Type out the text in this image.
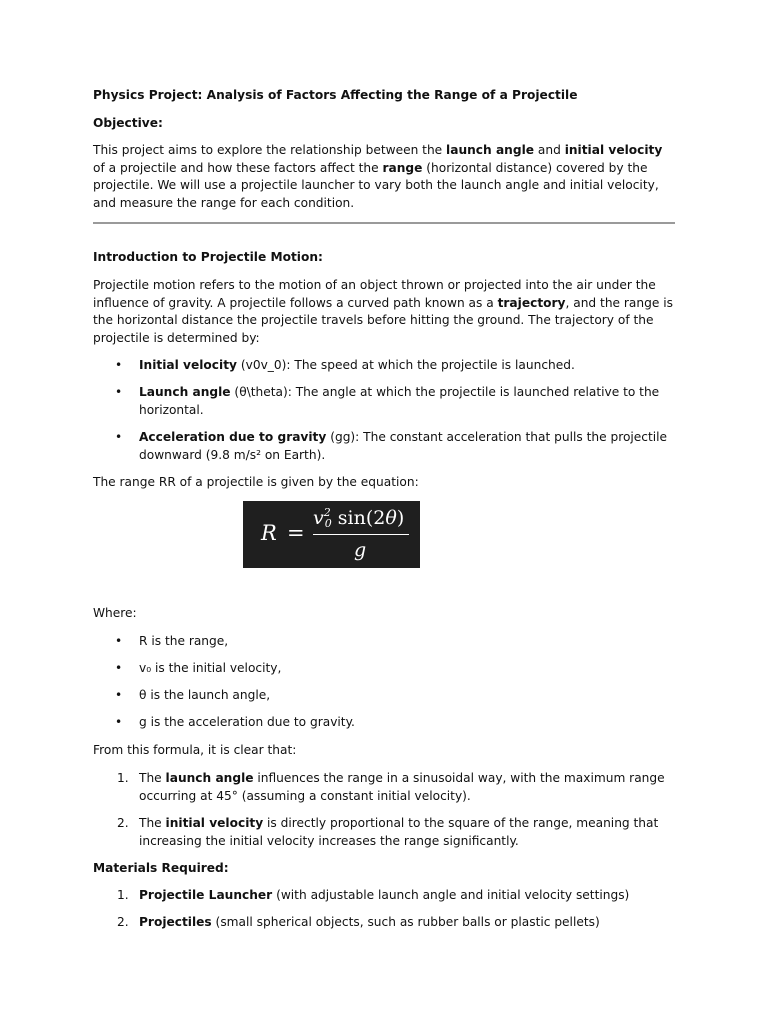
Physics Project: Analysis of Factors Affecting the Range of a Projectile

Objective:

This project aims to explore the relationship between the launch angle and initial velocity of a projectile and how these factors affect the range (horizontal distance) covered by the projectile. We will use a projectile launcher to vary both the launch angle and initial velocity, and measure the range for each condition.

Introduction to Projectile Motion:

Projectile motion refers to the motion of an object thrown or projected into the air under the influence of gravity. A projectile follows a curved path known as a trajectory, and the range is the horizontal distance the projectile travels before hitting the ground. The trajectory of the projectile is determined by:

• Initial velocity (v0v_0): The speed at which the projectile is launched.
• Launch angle (θ\theta): The angle at which the projectile is launched relative to the horizontal.
• Acceleration due to gravity (gg): The constant acceleration that pulls the projectile downward (9.8 m/s² on Earth).

The range RR of a projectile is given by the equation:

R =
$v^20$ sin(2θ)
g

Where:

• R is the range,
• v₀ is the initial velocity,
• θ is the launch angle,
• g is the acceleration due to gravity.

From this formula, it is clear that:

1. The launch angle influences the range in a sinusoidal way, with the maximum range occurring at 45° (assuming a constant initial velocity).
2. The initial velocity is directly proportional to the square of the range, meaning that increasing the initial velocity increases the range significantly.

Materials Required:

1. Projectile Launcher (with adjustable launch angle and initial velocity settings)
2. Projectiles (small spherical objects, such as rubber balls or plastic pellets)
